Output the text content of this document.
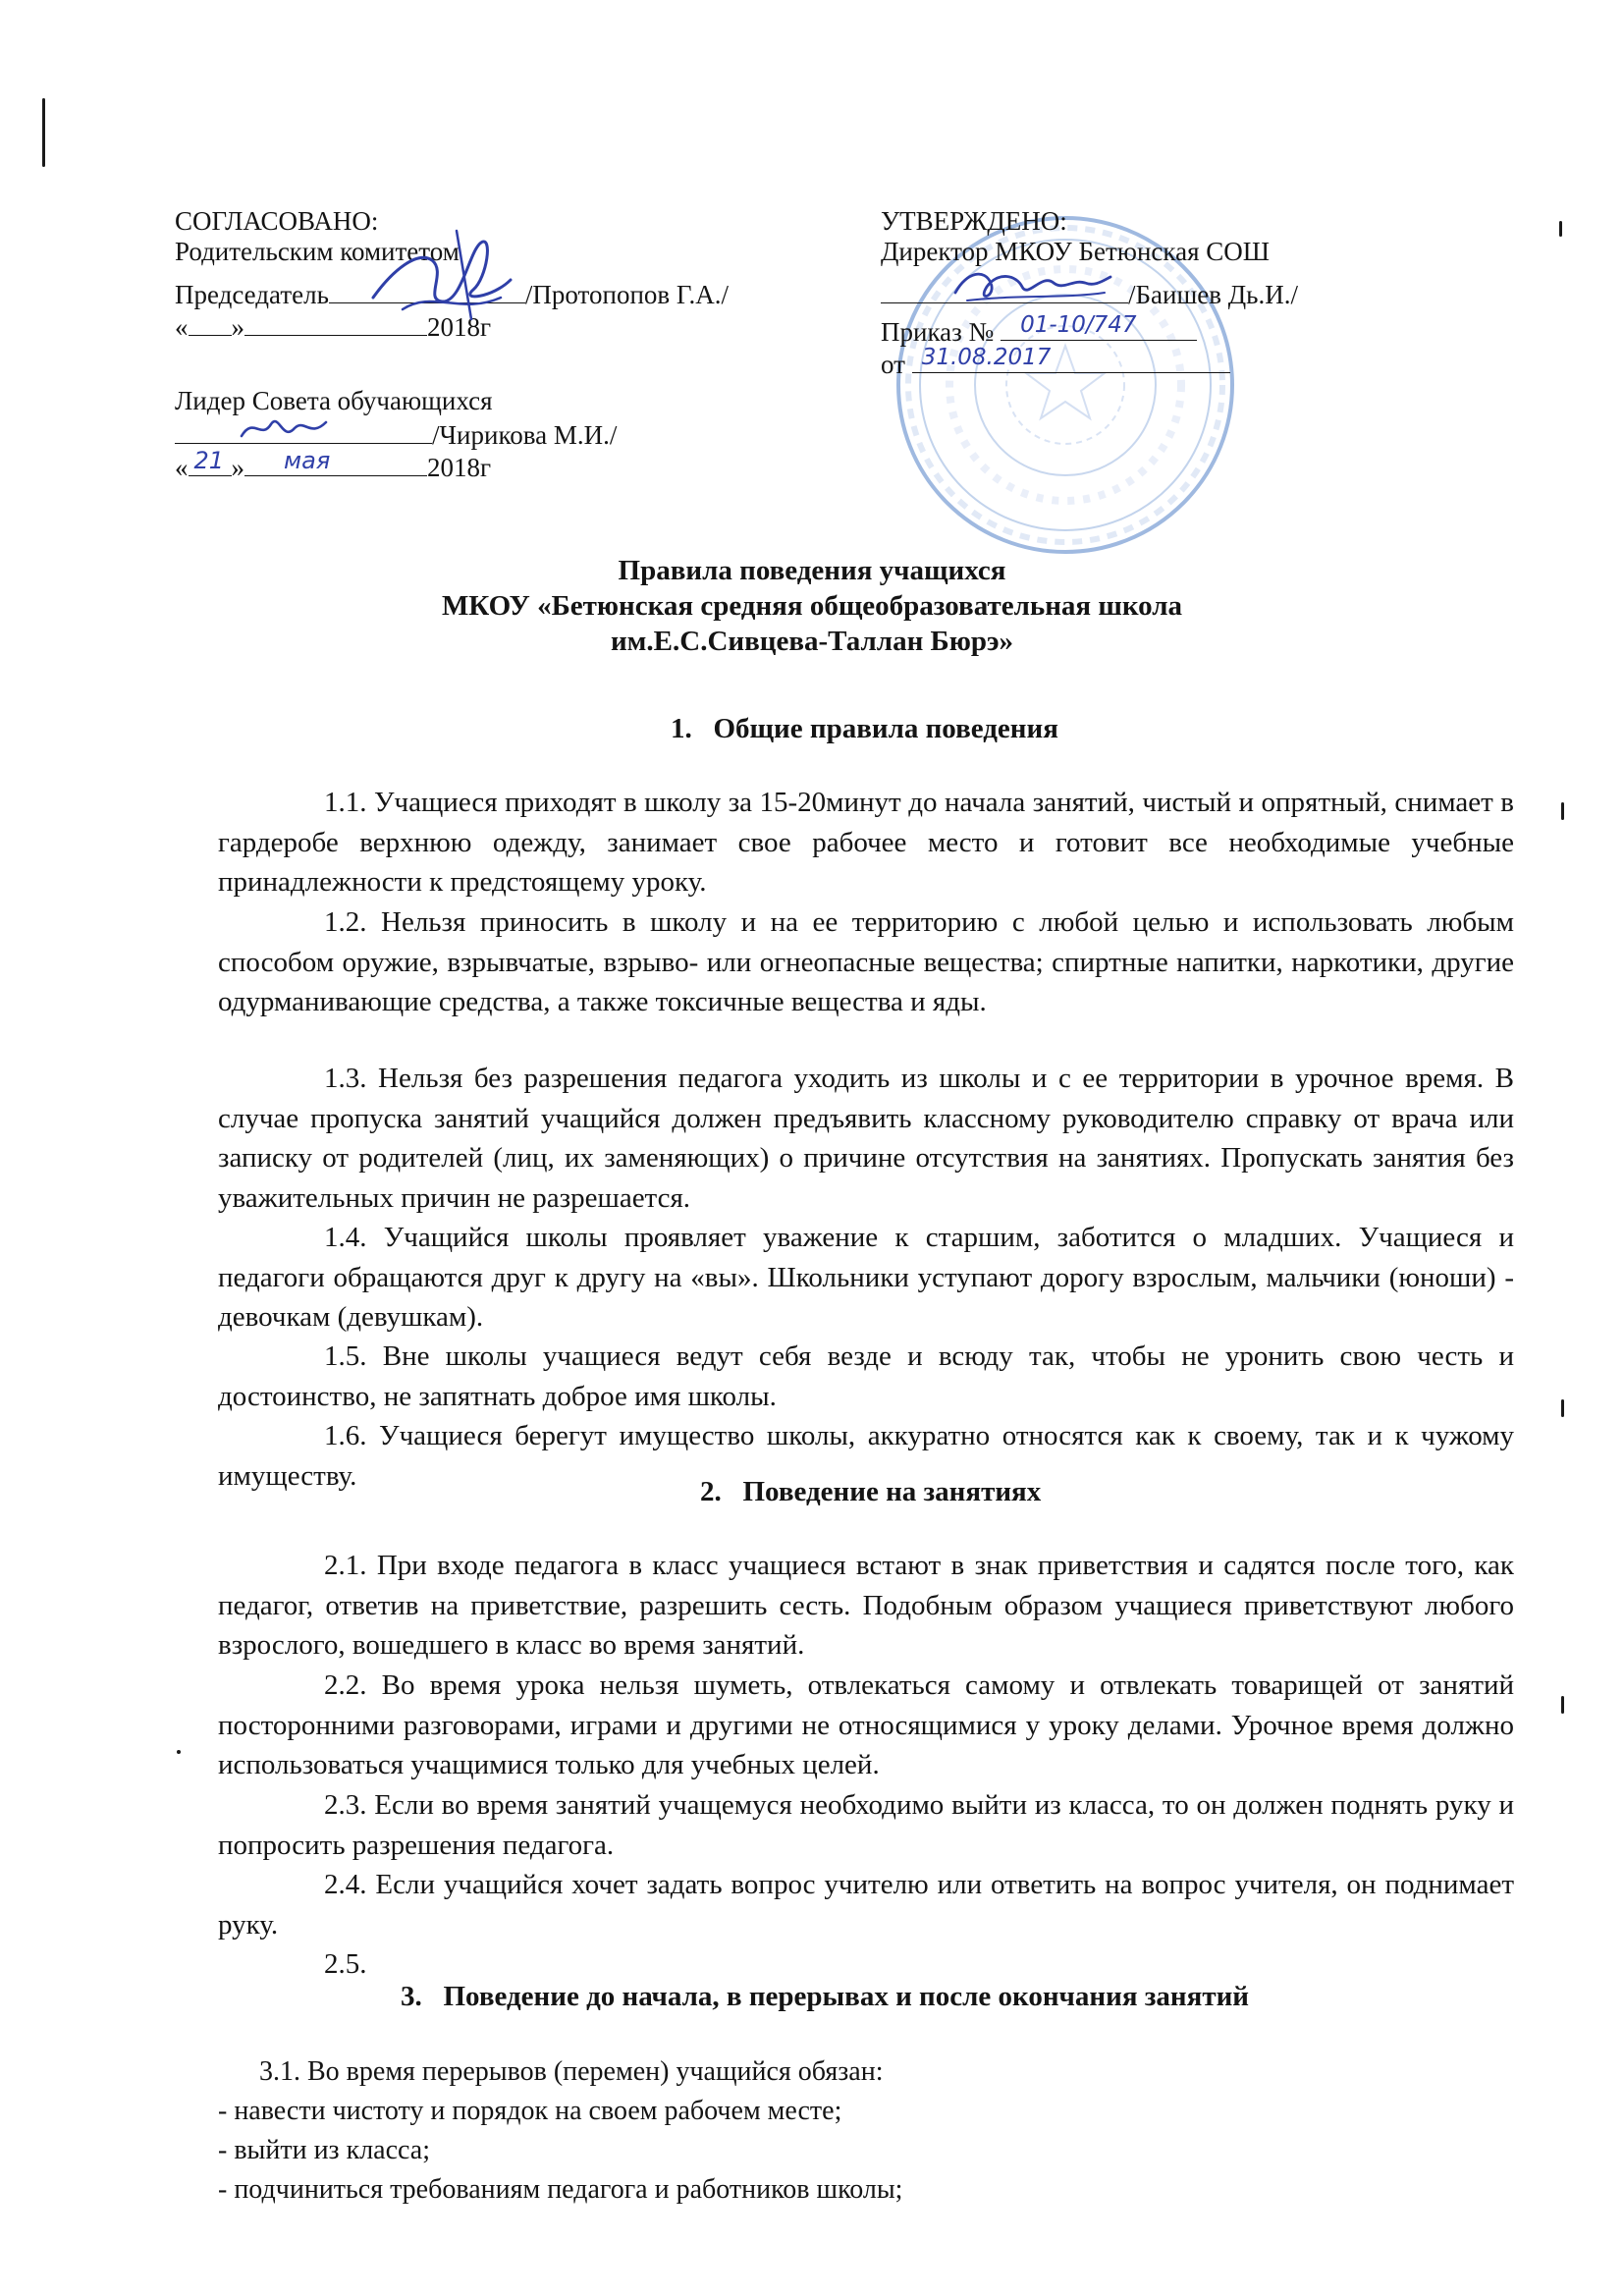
СОГЛАСОВАНО:
Родительским комитетом
Председатель	/Протопопов Г.А./
« »	2018г
Лидер Совета обучающихся
/Чирикова М.И./
« 21 » мая	2018г
УТВЕРЖДЕНО:
Директор МКОУ Бетюнская СОШ
/Баишев Дь.И./
Приказ № 01-10/747
от 31.08.2017
Правила поведения учащихся
МКОУ «Бетюнская средняя общеобразовательная школа
им.Е.С.Сивцева-Таллан Бюрэ»
1. Общие правила поведения
1.1. Учащиеся приходят в школу за 15-20минут до начала занятий, чистый и опрятный, снимает в гардеробе верхнюю одежду, занимает свое рабочее место и готовит все необходимые учебные принадлежности к предстоящему уроку.
1.2. Нельзя приносить в школу и на ее территорию с любой целью и использовать любым способом оружие, взрывчатые, взрыво- или огнеопасные вещества; спиртные напитки, наркотики, другие одурманивающие средства, а также токсичные вещества и яды.
1.3. Нельзя без разрешения педагога уходить из школы и с ее территории в урочное время. В случае пропуска занятий учащийся должен предъявить классному руководителю справку от врача или записку от родителей (лиц, их заменяющих) о причине отсутствия на занятиях. Пропускать занятия без уважительных причин не разрешается.
1.4. Учащийся школы проявляет уважение к старшим, заботится о младших. Учащиеся и педагоги обращаются друг к другу на «вы». Школьники уступают дорогу взрослым, мальчики (юноши) - девочкам (девушкам).
1.5. Вне школы учащиеся ведут себя везде и всюду так, чтобы не уронить свою честь и достоинство, не запятнать доброе имя школы.
1.6. Учащиеся берегут имущество школы, аккуратно относятся как к своему, так и к чужому имуществу.
2. Поведение на занятиях
2.1. При входе педагога в класс учащиеся встают в знак приветствия и садятся после того, как педагог, ответив на приветствие, разрешить сесть. Подобным образом учащиеся приветствуют любого взрослого, вошедшего в класс во время занятий.
2.2. Во время урока нельзя шуметь, отвлекаться самому и отвлекать товарищей от занятий посторонними разговорами, играми и другими не относящимися у уроку делами. Урочное время должно использоваться учащимися только для учебных целей.
2.3. Если во время занятий учащемуся необходимо выйти из класса, то он должен поднять руку и попросить разрешения педагога.
2.4. Если учащийся хочет задать вопрос учителю или ответить на вопрос учителя, он поднимает руку.
2.5.
3. Поведение до начала, в перерывах и после окончания занятий
3.1. Во время перерывов (перемен) учащийся обязан:
- навести чистоту и порядок на своем рабочем месте;
- выйти из класса;
- подчиниться требованиям педагога и работников школы;
